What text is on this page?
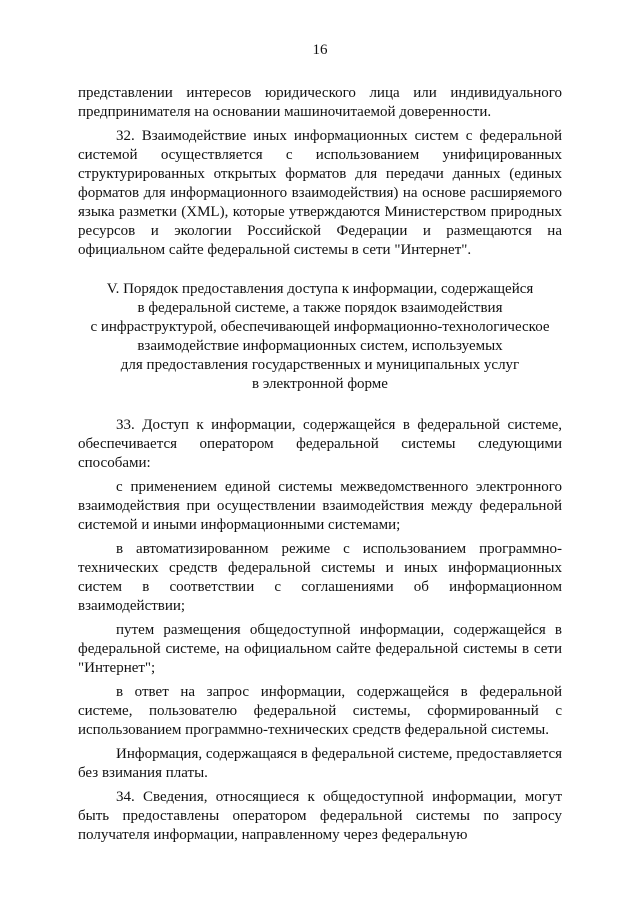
16

представлении интересов юридического лица или индивидуального предпринимателя на основании машиночитаемой доверенности.

32. Взаимодействие иных информационных систем с федеральной системой осуществляется с использованием унифицированных структурированных открытых форматов для передачи данных (единых форматов для информационного взаимодействия) на основе расширяемого языка разметки (XML), которые утверждаются Министерством природных ресурсов и экологии Российской Федерации и размещаются на официальном сайте федеральной системы в сети "Интернет".

V. Порядок предоставления доступа к информации, содержащейся
в федеральной системе, а также порядок взаимодействия
с инфраструктурой, обеспечивающей информационно-технологическое
взаимодействие информационных систем, используемых
для предоставления государственных и муниципальных услуг
в электронной форме

33. Доступ к информации, содержащейся в федеральной системе, обеспечивается оператором федеральной системы следующими способами:

с применением единой системы межведомственного электронного взаимодействия при осуществлении взаимодействия между федеральной системой и иными информационными системами;

в автоматизированном режиме с использованием программно-технических средств федеральной системы и иных информационных систем в соответствии с соглашениями об информационном взаимодействии;

путем размещения общедоступной информации, содержащейся в федеральной системе, на официальном сайте федеральной системы в сети "Интернет";

в ответ на запрос информации, содержащейся в федеральной системе, пользователю федеральной системы, сформированный с использованием программно-технических средств федеральной системы.

Информация, содержащаяся в федеральной системе, предоставляется без взимания платы.

34. Сведения, относящиеся к общедоступной информации, могут быть предоставлены оператором федеральной системы по запросу получателя информации, направленному через федеральную
